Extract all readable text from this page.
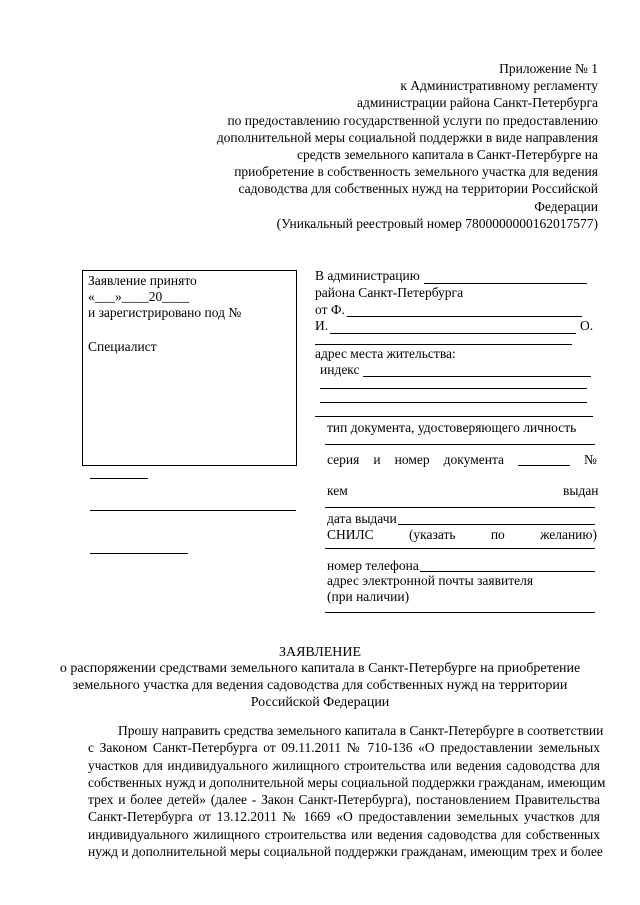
Приложение № 1
к Административному регламенту
администрации района Санкт-Петербурга
по предоставлению государственной услуги по предоставлению
дополнительной меры социальной поддержки в виде направления
средств земельного капитала в Санкт-Петербурге на
приобретение в собственность земельного участка для ведения
садоводства для собственных нужд на территории Российской
Федерации
(Уникальный реестровый номер 7800000000162017577)
Заявление принято «___»____20____
и зарегистрировано под №
Специалист
В администрацию
района Санкт-Петербурга
от Ф.
И.	О.
адрес места жительства:
индекс
тип документа, удостоверяющего личность
серия и номер документа	№
кем	выдан
дата выдачи
СНИЛС	(указать	по	желанию)
номер телефона
адрес электронной почты заявителя
(при наличии)
ЗАЯВЛЕНИЕ
о распоряжении средствами земельного капитала в Санкт-Петербурге на приобретение
земельного участка для ведения садоводства для собственных нужд на территории
Российской Федерации
Прошу направить средства земельного капитала в Санкт-Петербурге в соответствии
с Законом Санкт-Петербурга от 09.11.2011 № 710-136 «О предоставлении земельных
участков для индивидуального жилищного строительства или ведения садоводства для
собственных нужд и дополнительной меры социальной поддержки гражданам, имеющим
трех и более детей» (далее - Закон Санкт-Петербурга), постановлением Правительства
Санкт-Петербурга от 13.12.2011 № 1669 «О предоставлении земельных участков для
индивидуального жилищного строительства или ведения садоводства для собственных
нужд и дополнительной меры социальной поддержки гражданам, имеющим трех и более
